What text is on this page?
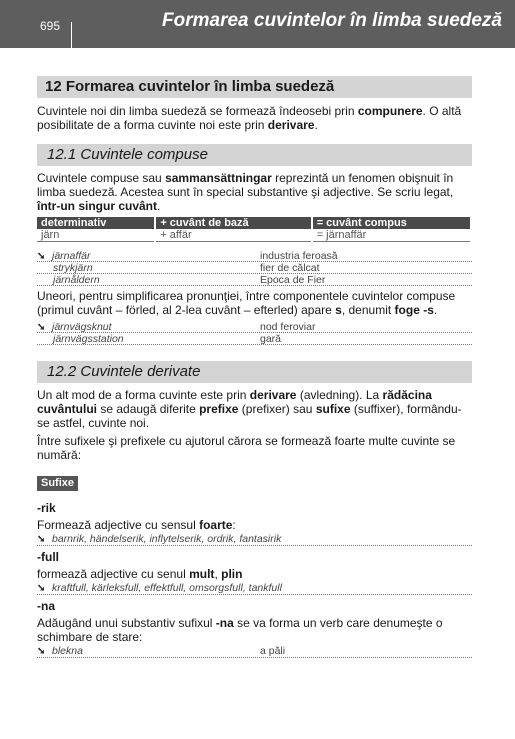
695	Formarea cuvintelor în limba suedeză
12 Formarea cuvintelor în limba suedeză

Cuvintele noi din limba suedeză se formează îndeosebi prin compunere. O altă posibilitate de a forma cuvinte noi este prin derivare.

12.1 Cuvintele compuse

Cuvintele compuse sau sammansättningar reprezintă un fenomen obişnuit în limba suedeză. Acestea sunt în special substantive şi adjective. Se scriu legat, într-un singur cuvânt.

determinativ	+ cuvânt de bază	= cuvânt compus
järn	+ affär	= järnaffär
➘ järnaffär	industria feroasă
strykjärn	fier de călcat
järnåldern	Epoca de Fier

Uneori, pentru simplificarea pronunţiei, între componentele cuvintelor compuse (primul cuvânt – förled, al 2-lea cuvânt – efterled) apare s, denumit foge -s.

➘ järnvägsknut	nod feroviar
järnvägsstation	gară
12.2 Cuvintele derivate

Un alt mod de a forma cuvinte este prin derivare (avledning). La rădăcina cuvântului se adaugă diferite prefixe (prefixer) sau sufixe (suffixer), formându-se astfel, cuvinte noi.

Între sufixele şi prefixele cu ajutorul cărora se formează foarte multe cuvinte se numără:

Sufixe
-rik

Formează adjective cu sensul foarte:

➘ barnrik, händelserik, inflytelserik, ordrik, fantasirik
-full

formează adjective cu senul mult, plin

➘ kraftfull, kärleksfull, effektfull, omsorgsfull, tankfull
-na

Adăugând unui substantiv sufixul -na se va forma un verb care denumeşte o schimbare de stare:

➘ blekna	a păli
